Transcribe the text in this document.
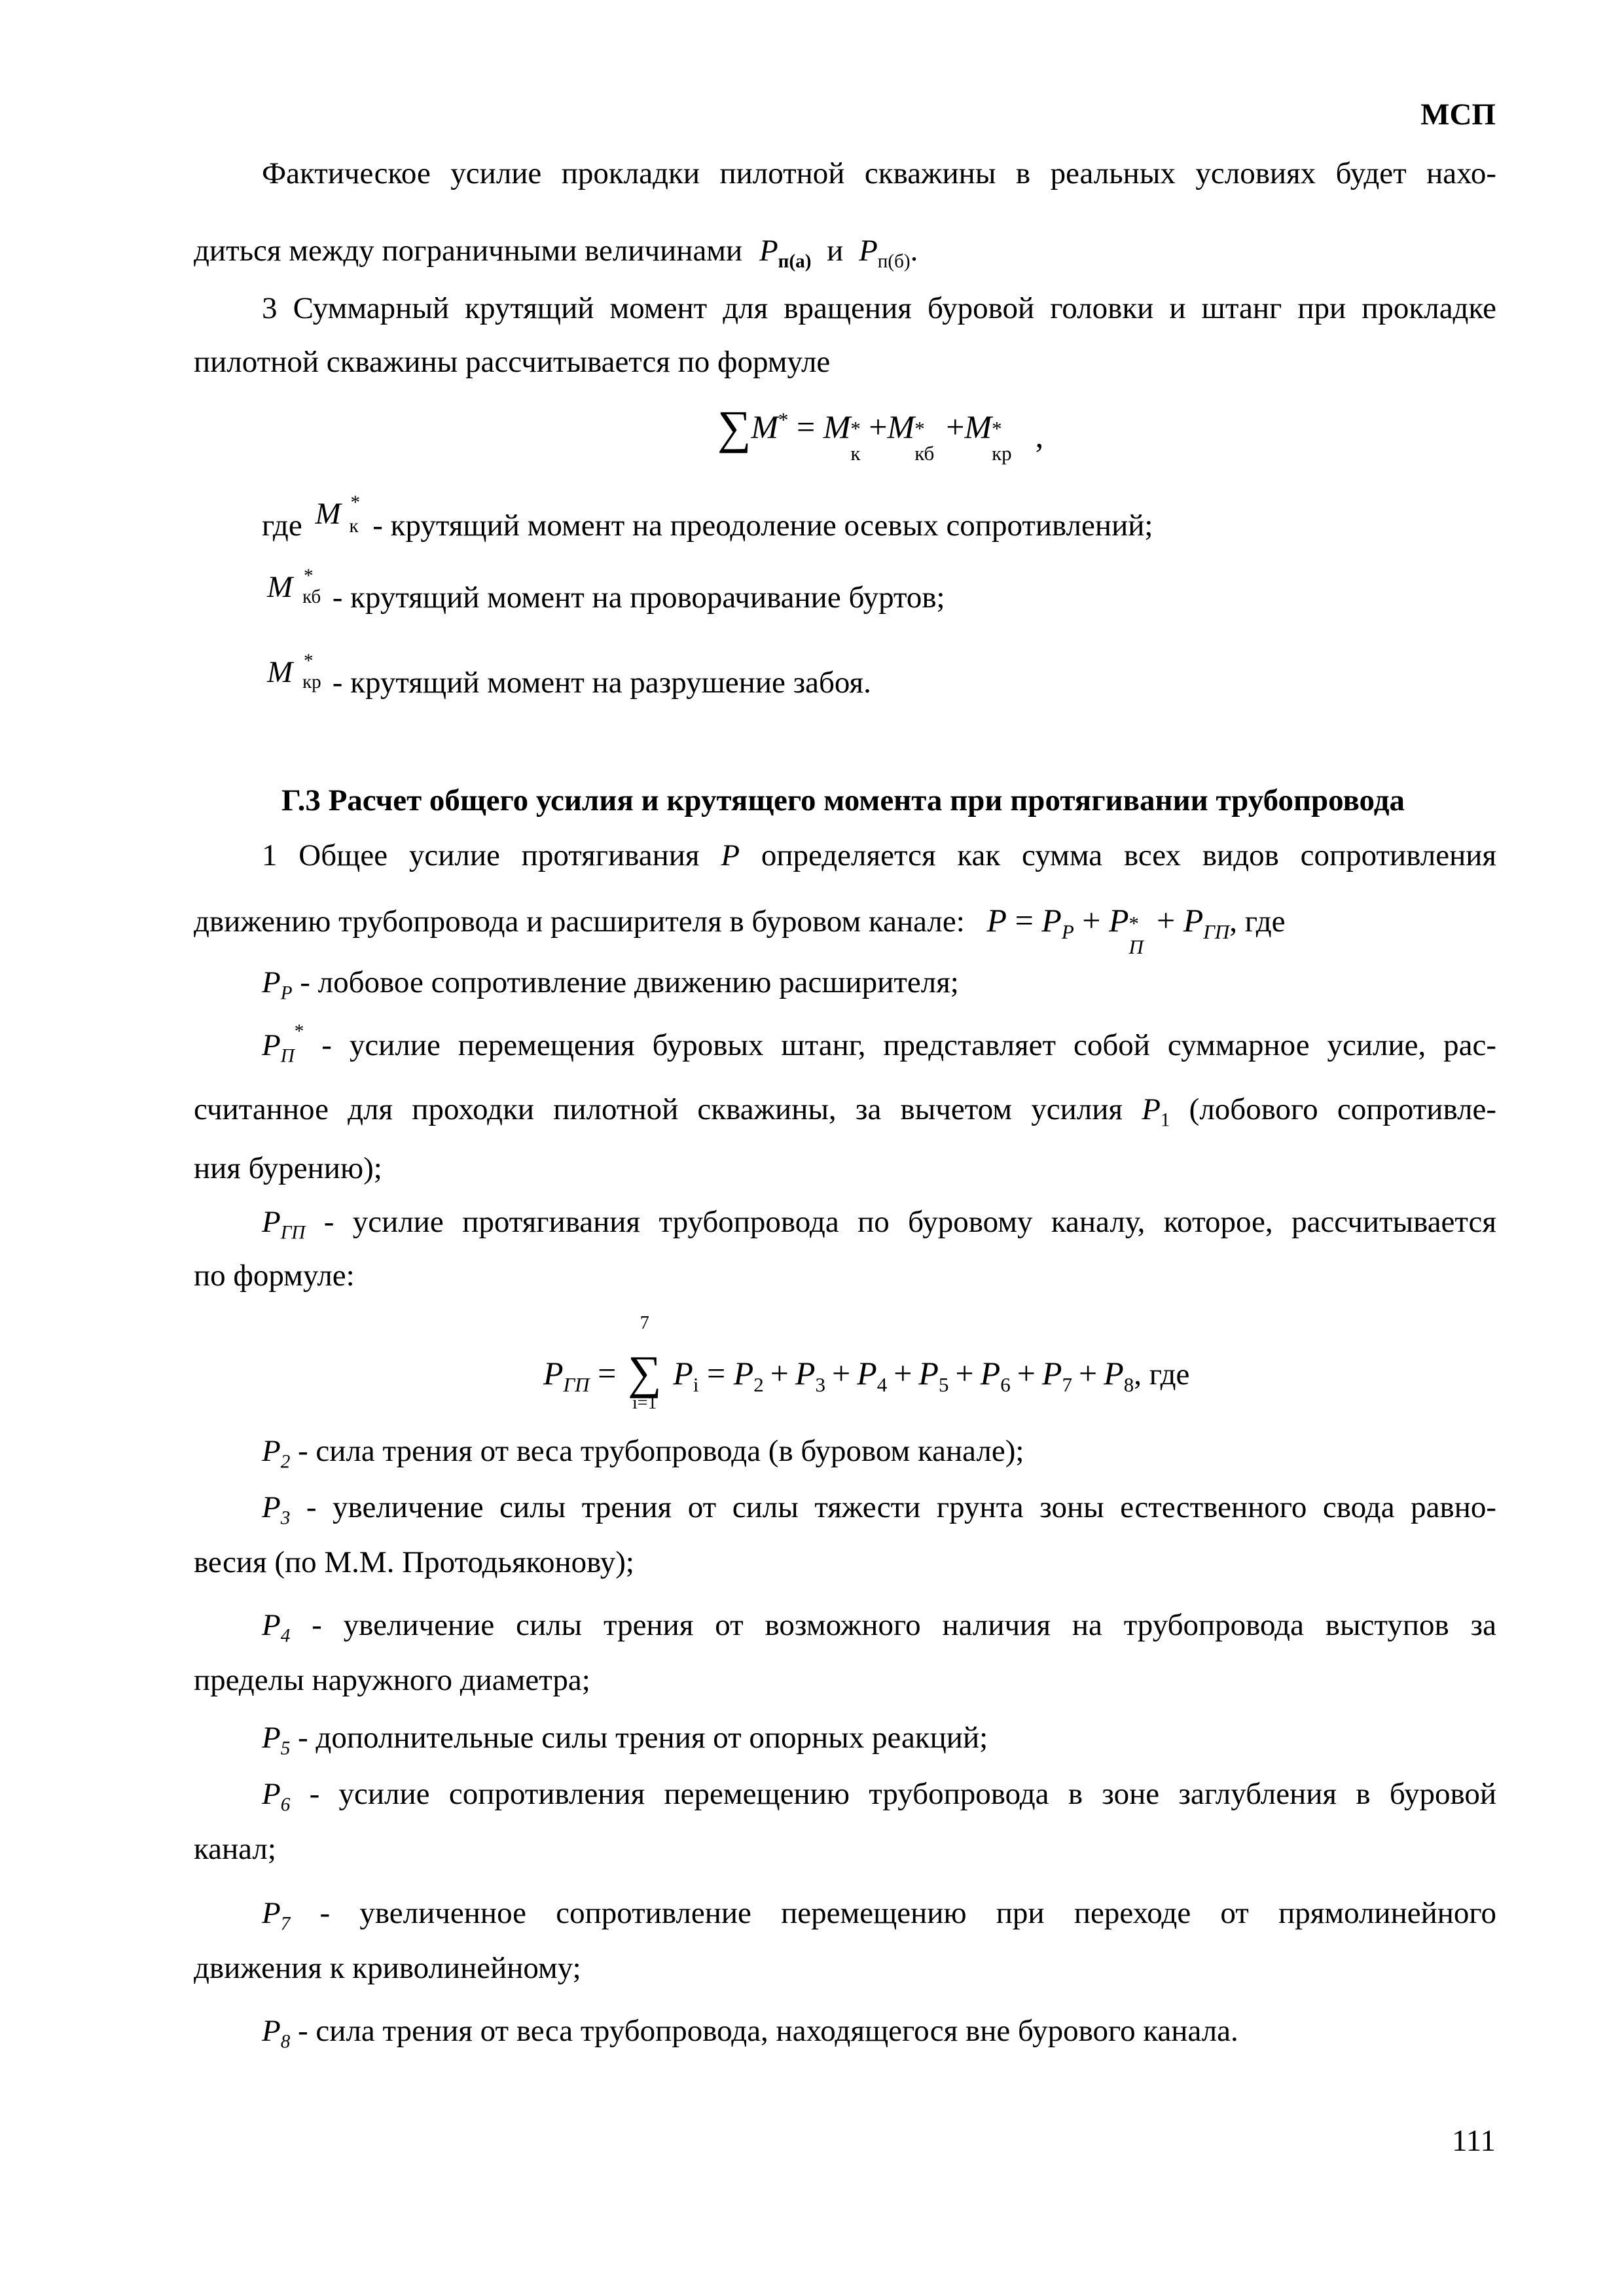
МСП
Фактическое усилие прокладки пилотной скважины в реальных условиях будет нахо-
диться между пограничными величинами $P_{п(а)}$ и $P_{п(б)}$.
3 Суммарный крутящий момент для вращения буровой головки и штанг при прокладке
пилотной скважины рассчитывается по формуле
∑M* = M *
к
+M *
кб
+M *
кр ,
где M *
к - крутящий момент на преодоление осевых сопротивлений;
M *
кб - крутящий момент на проворачивание буртов;
M *
кр - крутящий момент на разрушение забоя.
Г.3 Расчет общего усилия и крутящего момента при протягивании трубопровода
1 Общее усилие протягивания P определяется как сумма всех видов сопротивления
движению трубопровода и расширителя в буровом канале: $P = P_Р + P$ *
П
+ $P_{ГП}$, где
$P_Р$ - лобовое сопротивление движению расширителя;
$P_П^*$ - усилие перемещения буровых штанг, представляет собой суммарное усилие, рас-
считанное для проходки пилотной скважины, за вычетом усилия $P_1$ (лобового сопротивле-
ния бурению);
$P_{ГП}$ - усилие протягивания трубопровода по буровому каналу, которое, рассчитывается
по формуле:
$P_{ГП}$ =
7
∑
i=1
$P_i = P_2 + P_3 + P_4 + P_5 + P_6 + P_7 + P_8$, где
$P_2$ - сила трения от веса трубопровода (в буровом канале);
$P_3$ - увеличение силы трения от силы тяжести грунта зоны естественного свода равно-
весия (по М.М. Протодьяконову);
$P_4$ - увеличение силы трения от возможного наличия на трубопровода выступов за
пределы наружного диаметра;
$P_5$ - дополнительные силы трения от опорных реакций;
$P_6$ - усилие сопротивления перемещению трубопровода в зоне заглубления в буровой
канал;
$P_7$ - увеличенное сопротивление перемещению при переходе от прямолинейного
движения к криволинейному;
$P_8$ - сила трения от веса трубопровода, находящегося вне бурового канала.
111
